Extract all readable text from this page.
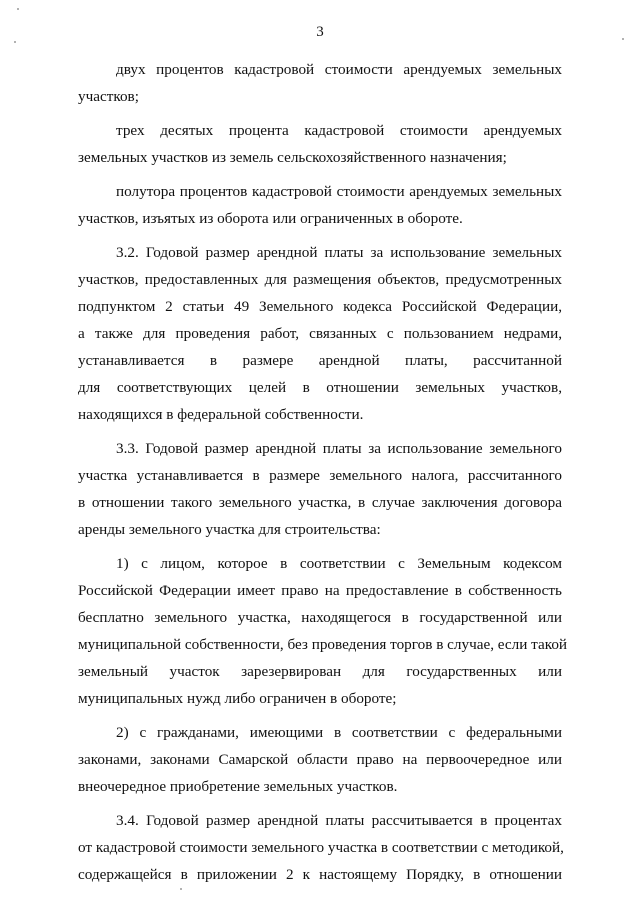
3
двух процентов кадастровой стоимости арендуемых земельных
участков;
трех десятых процента кадастровой стоимости арендуемых
земельных участков из земель сельскохозяйственного назначения;
полутора процентов кадастровой стоимости арендуемых земельных
участков, изъятых из оборота или ограниченных в обороте.
3.2. Годовой размер арендной платы за использование земельных
участков, предоставленных для размещения объектов, предусмотренных
подпунктом 2 статьи 49 Земельного кодекса Российской Федерации,
а также для проведения работ, связанных с пользованием недрами,
устанавливается в размере арендной платы, рассчитанной
для соответствующих целей в отношении земельных участков,
находящихся в федеральной собственности.
3.3. Годовой размер арендной платы за использование земельного
участка устанавливается в размере земельного налога, рассчитанного
в отношении такого земельного участка, в случае заключения договора
аренды земельного участка для строительства:
1) с лицом, которое в соответствии с Земельным кодексом
Российской Федерации имеет право на предоставление в собственность
бесплатно земельного участка, находящегося в государственной или
муниципальной собственности, без проведения торгов в случае, если такой
земельный участок зарезервирован для государственных или
муниципальных нужд либо ограничен в обороте;
2) с гражданами, имеющими в соответствии с федеральными
законами, законами Самарской области право на первоочередное или
внеочередное приобретение земельных участков.
3.4. Годовой размер арендной платы рассчитывается в процентах
от кадастровой стоимости земельного участка в соответствии с методикой,
содержащейся в приложении 2 к настоящему Порядку, в отношении
